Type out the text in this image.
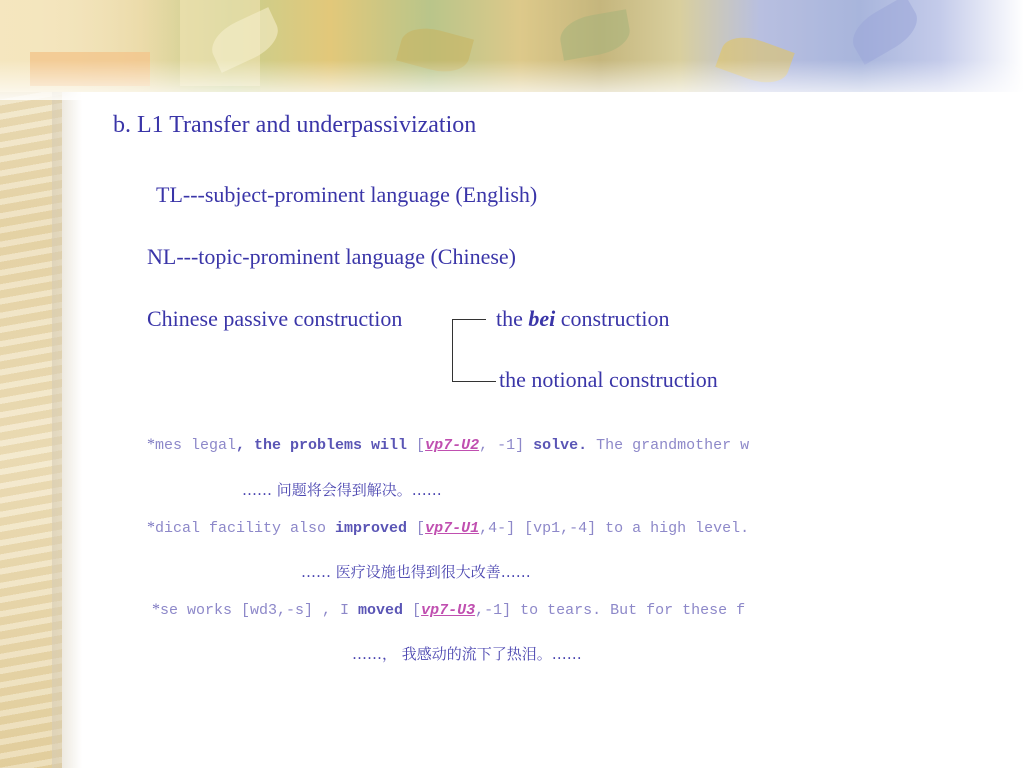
b. L1 Transfer and underpassivization
TL---subject-prominent language (English)
NL---topic-prominent language (Chinese)
Chinese passive construction	the bei construction
the notional construction
*mes legal, the problems will [vp7-U2, -1] solve. The grandmother w
…… 问题将会得到解决。……
*dical facility also improved [vp7-U1,4-] [vp1,-4] to a high level.
…… 医疗设施也得到很大改善……
*se works [wd3,-s] , I moved [vp7-U3,-1] to tears. But for these f
……， 我感动的流下了热泪。……
